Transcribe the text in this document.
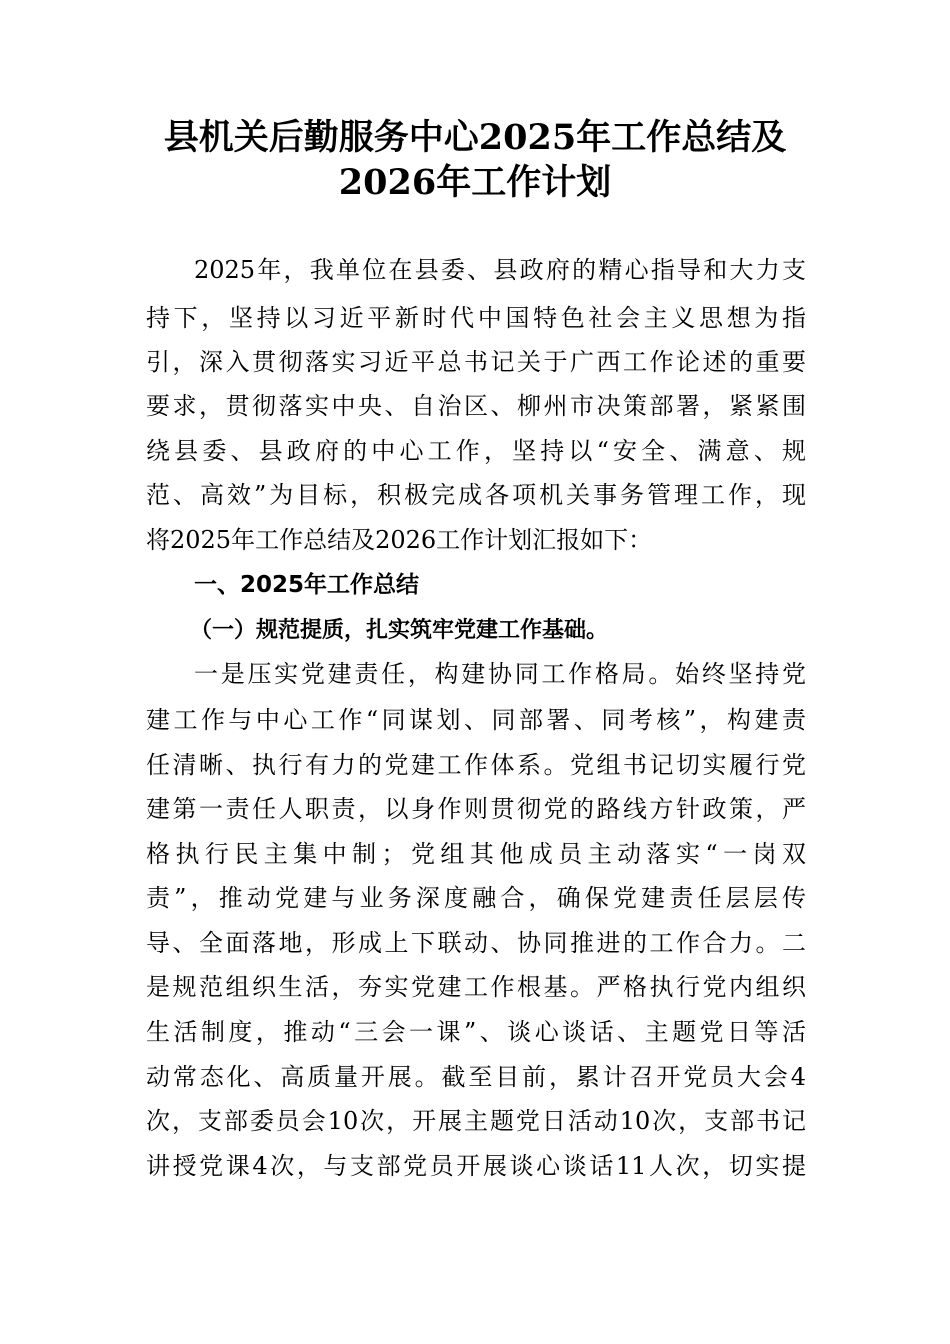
县机关后勤服务中心2025年工作总结及
2026年工作计划
2025年，我单位在县委、县政府的精心指导和大力支
持下，坚持以习近平新时代中国特色社会主义思想为指
引，深入贯彻落实习近平总书记关于广西工作论述的重要
要求，贯彻落实中央、自治区、柳州市决策部署，紧紧围
绕县委、县政府的中心工作，坚持以“安全、满意、规
范、高效”为目标，积极完成各项机关事务管理工作，现
将2025年工作总结及2026工作计划汇报如下：
一、2025年工作总结
（一）规范提质，扎实筑牢党建工作基础。
一是压实党建责任，构建协同工作格局。始终坚持党
建工作与中心工作“同谋划、同部署、同考核”，构建责
任清晰、执行有力的党建工作体系。党组书记切实履行党
建第一责任人职责，以身作则贯彻党的路线方针政策，严
格执行民主集中制；党组其他成员主动落实“一岗双
责”，推动党建与业务深度融合，确保党建责任层层传
导、全面落地，形成上下联动、协同推进的工作合力。二
是规范组织生活，夯实党建工作根基。严格执行党内组织
生活制度，推动“三会一课”、谈心谈话、主题党日等活
动常态化、高质量开展。截至目前，累计召开党员大会4
次，支部委员会10次，开展主题党日活动10次，支部书记
讲授党课4次，与支部党员开展谈心谈话11人次，切实提
